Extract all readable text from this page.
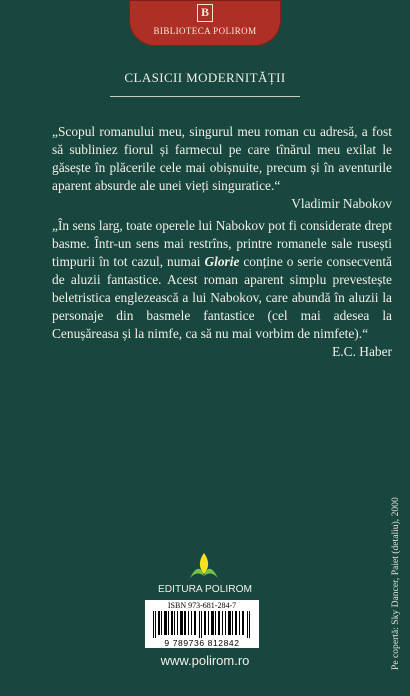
B
BIBLIOTECA POLIROM
CLASICII MODERNITĂȚII
„Scopul romanului meu, singurul meu roman cu adresă, a fost să subliniez fiorul și farmecul pe care tînărul meu exilat le găsește în plăcerile cele mai obișnuite, precum și în aventurile aparent absurde ale unei vieți singuratice.“
Vladimir Nabokov
„În sens larg, toate operele lui Nabokov pot fi considerate drept basme. Într-un sens mai restrîns, printre romanele sale rusești timpurii în tot cazul, numai Glorie conține o serie consecventă de aluzii fantastice. Acest roman aparent simplu prevestește beletristica englezească a lui Nabokov, care abundă în aluzii la personaje din basmele fantastice (cel mai adesea la Cenușăreasa și la nimfe, ca să nu mai vorbim de nimfete).“
E.C. Haber
Pe copertă: Sky Dancer, Paiet (detaliu), 2000
EDITURA POLIROM
ISBN 973-681-284-7
9 789736 812842
www.polirom.ro
